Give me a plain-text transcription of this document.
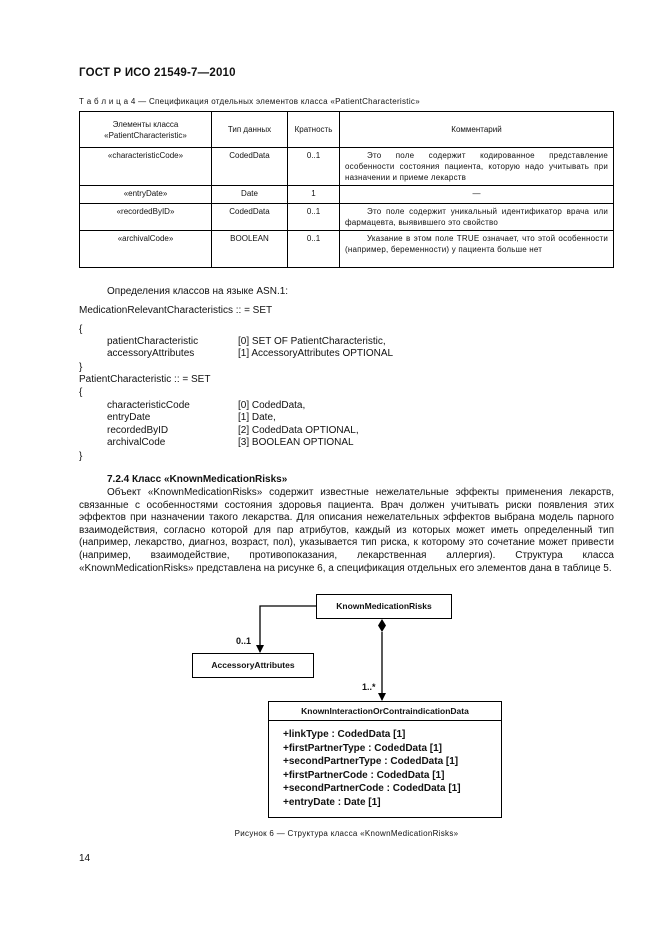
ГОСТ Р ИСО 21549-7—2010
Т а б л и ц а 4 — Спецификация отдельных элементов класса «PatientCharacteristic»
Элементы класса «PatientCharacteristic»	Тип данных	Кратность	Комментарий
«characteristicCode»	CodedData	0..1	Это поле содержит кодированное представление особенности состояния пациента, которую надо учитывать при назначении и приеме лекарств
«entryDate»	Date	1	—
«recordedByID»	CodedData	0..1	Это поле содержит уникальный идентификатор врача или фармацевта, выявившего это свойство
«archivalCode»	BOOLEAN	0..1	Указание в этом поле TRUE означает, что этой особенности (например, беременности) у пациента больше нет
Определения классов на языке ASN.1:
MedicationRelevantCharacteristics :: = SET
{
patientCharacteristic	[0] SET OF PatientCharacteristic,
accessoryAttributes	[1] AccessoryAttributes OPTIONAL
}
PatientCharacteristic :: = SET
{
characteristicCode	[0] CodedData,
entryDate	[1] Date,
recordedByID	[2] CodedData OPTIONAL,
archivalCode	[3] BOOLEAN OPTIONAL
}
7.2.4 Класс «KnownMedicationRisks»
Объект «KnownMedicationRisks» содержит известные нежелательные эффекты применения лекарств, связанные с особенностями состояния здоровья пациента. Врач должен учитывать риски появления этих эффектов при назначении такого лекарства. Для описания нежелательных эффектов выбрана модель парного взаимодействия, согласно которой для пар атрибутов, каждый из которых может иметь определенный тип (например, лекарство, диагноз, возраст, пол), указывается тип риска, к которому это сочетание может привести (например, взаимодействие, противопоказания, лекарственная аллергия). Структура класса «KnownMedicationRisks» представлена на рисунке 6, а спецификация отдельных его элементов дана в таблице 5.
KnownMedicationRisks
AccessoryAttributes
0..1
1..*
KnownInteractionOrContraindicationData
+linkType : CodedData [1]
+firstPartnerType : CodedData [1]
+secondPartnerType : CodedData [1]
+firstPartnerCode : CodedData [1]
+secondPartnerCode : CodedData [1]
+entryDate : Date [1]
Рисунок 6 — Структура класса «KnownMedicationRisks»
14
